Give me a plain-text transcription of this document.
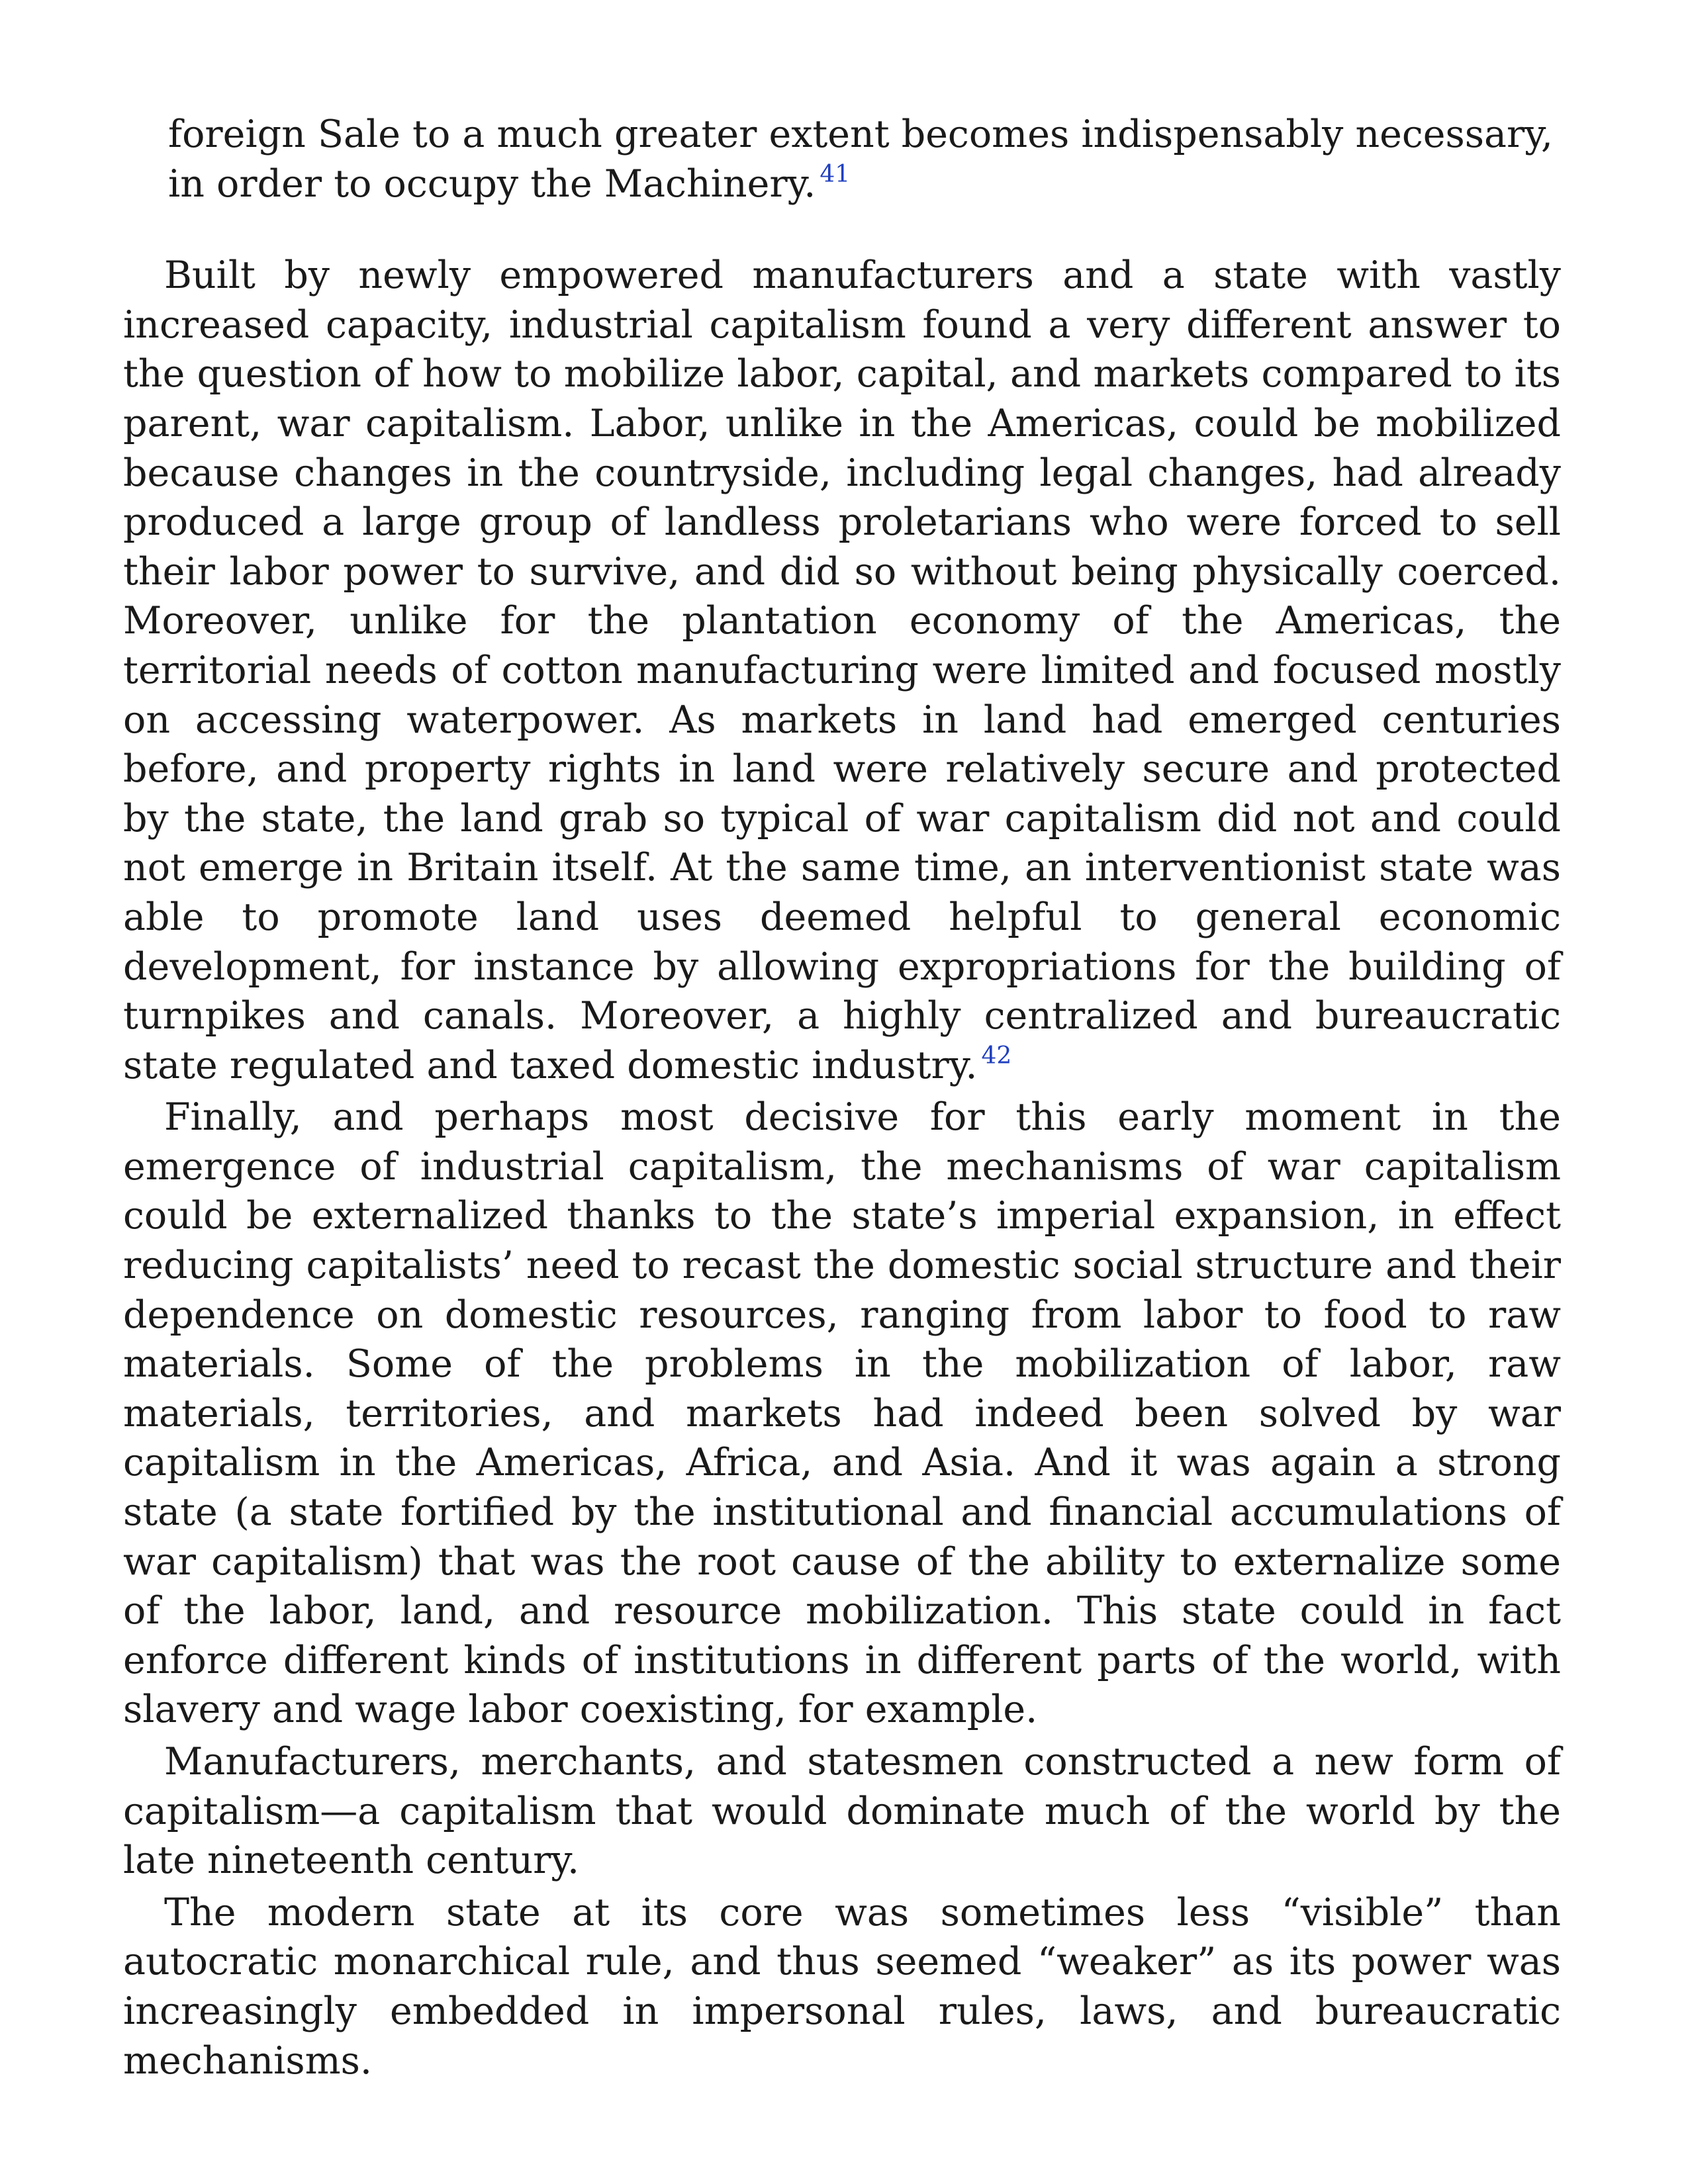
foreign Sale to a much greater extent becomes indispensably necessary, in order to occupy the Machinery. $^{41}$

Built by newly empowered manufacturers and a state with vastly increased capacity, industrial capitalism found a very different answer to the question of how to mobilize labor, capital, and markets compared to its parent, war capitalism. Labor, unlike in the Americas, could be mobilized because changes in the countryside, including legal changes, had already produced a large group of landless proletarians who were forced to sell their labor power to survive, and did so without being physically coerced. Moreover, unlike for the plantation economy of the Americas, the territorial needs of cotton manufacturing were limited and focused mostly on accessing waterpower. As markets in land had emerged centuries before, and property rights in land were relatively secure and protected by the state, the land grab so typical of war capitalism did not and could not emerge in Britain itself. At the same time, an interventionist state was able to promote land uses deemed helpful to general economic development, for instance by allowing expropriations for the building of turnpikes and canals. Moreover, a highly centralized and bureaucratic state regulated and taxed domestic industry. $^{42}$

Finally, and perhaps most decisive for this early moment in the emergence of industrial capitalism, the mechanisms of war capitalism could be externalized thanks to the state’s imperial expansion, in effect reducing capitalists’ need to recast the domestic social structure and their dependence on domestic resources, ranging from labor to food to raw materials. Some of the problems in the mobilization of labor, raw materials, territories, and markets had indeed been solved by war capitalism in the Americas, Africa, and Asia. And it was again a strong state (a state fortified by the institutional and financial accumulations of war capitalism) that was the root cause of the ability to externalize some of the labor, land, and resource mobilization. This state could in fact enforce different kinds of institutions in different parts of the world, with slavery and wage labor coexisting, for example.

Manufacturers, merchants, and statesmen constructed a new form of capitalism—a capitalism that would dominate much of the world by the late nineteenth century.

The modern state at its core was sometimes less “visible” than autocratic monarchical rule, and thus seemed “weaker” as its power was increasingly embedded in impersonal rules, laws, and bureaucratic mechanisms.
